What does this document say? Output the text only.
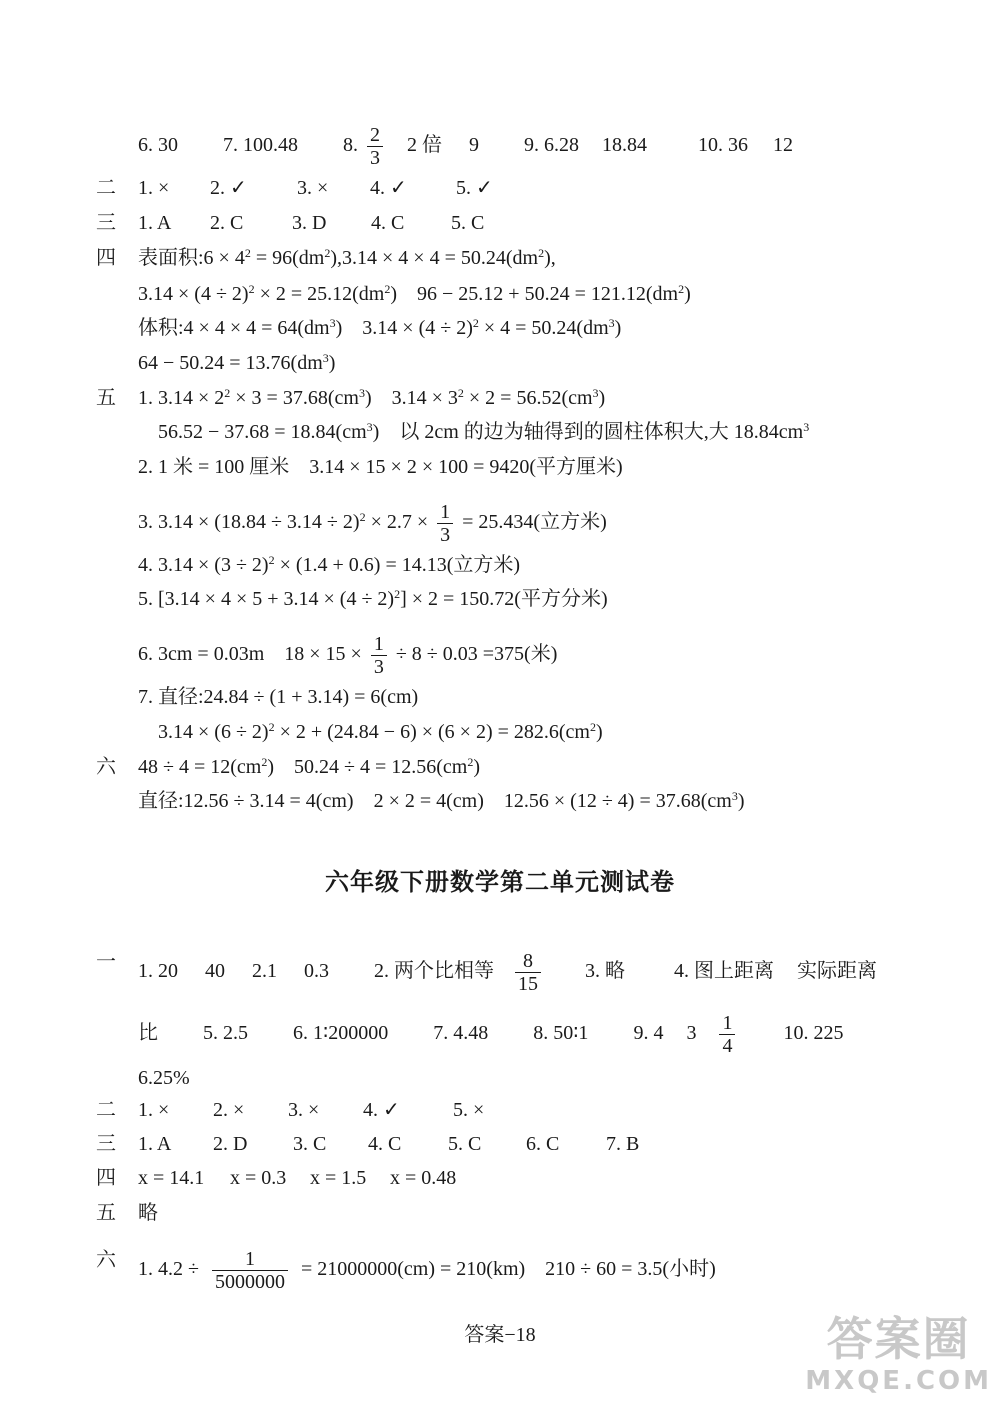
6. 30 7. 100.48 8. $\frac{2}{3} 2$ 倍 9 9. 6.28 18.84	10. 36 12
二 1. × 2. ✓	3. × 4. ✓ 5. ✓
三 1. A 2. C 3. D 4. C 5. C
四 表面积:6 × $4^2 = 96(dm^2),3.14 \times 4 \times 4 = 50.24(dm^2)$,
$3.14 \times (4 \div 2)^2 \times 2 = 25.12(dm^2)$　$96 - 25.12 + 50.24 = 121.12(dm^2)$
体积:4 × $4 \times 4 = 64(dm^3)$　$3.14 \times (4 \div 2)^2 \times 4 = 50.24(dm^3)$
$64 - 50.24 = 13.76(dm^3)$
五 1. $3.14 \times 2^2 \times 3 = 37.68(cm^3)$　$3.14 \times 3^2 \times 2 = 56.52(cm^3)$
$56.52 - 37.68 = 18.84(cm^3)$　以 2cm 的边为轴得到的圆柱体积大,大 $18.84cm^3$
2. 1 米 = 100 厘米　3.14 × 15 × 2 × 100 = 9420(平方厘米)
3. $3.14 \times (18.84 \div 3.14 \div 2)^2 \times 2.7 \times \frac{1}{3} = 25.434$(立方米)
4. $3.14 \times (3 \div 2)^2 \times (1.4 + 0.6) = 14.13$(立方米)
5. $[3.14 \times 4 \times 5 + 3.14 \times (4 \div 2)^2] \times 2 = 150.72$(平方分米)
6. 3cm = 0.03m　$18 \times 15 \times \frac{1}{3} \div 8 \div 0.03 =375$(米)
7. 直径:24.84 ÷ (1 + 3.14) = 6(cm)
$3.14 \times (6 \div 2)^2 \times 2 + (24.84 - 6) \times (6 \times 2) = 282.6(cm^2)$
六 $48 \div 4 = 12(cm^2)$　$50.24 \div 4 = 12.56(cm^2)$
直径:12.56 ÷ 3.14 = 4(cm)　2 × 2 = 4(cm)　$12.56 \times (12 \div 4) = 37.68(cm^3)$
六年级下册数学第二单元测试卷
一 1. 20 40 2.1 0.3 2. 两个比相等 $\frac{8}{15} 3$. 略 4. 图上距离 实际距离
比 5. 2.5 6. 1∶200000 7. 4.48 8. 50∶1 9. 4 $3 \frac{1}{4} 10$. 225
6.25%
二 1. × 2. × 3. × 4. ✓	5. ×
三 1. A 2. D 3. C 4. C 5. C 6. C 7. B
四 x = 14.1 x = 0.3 x = 1.5 x = 0.48
五 略
六 1. $4.2 \div \frac{1}{5000000} = 21000000(cm) = 210(km)$　210 ÷ 60 = 3.5(小时)
答案−18	答案圈
MXQE.COM
